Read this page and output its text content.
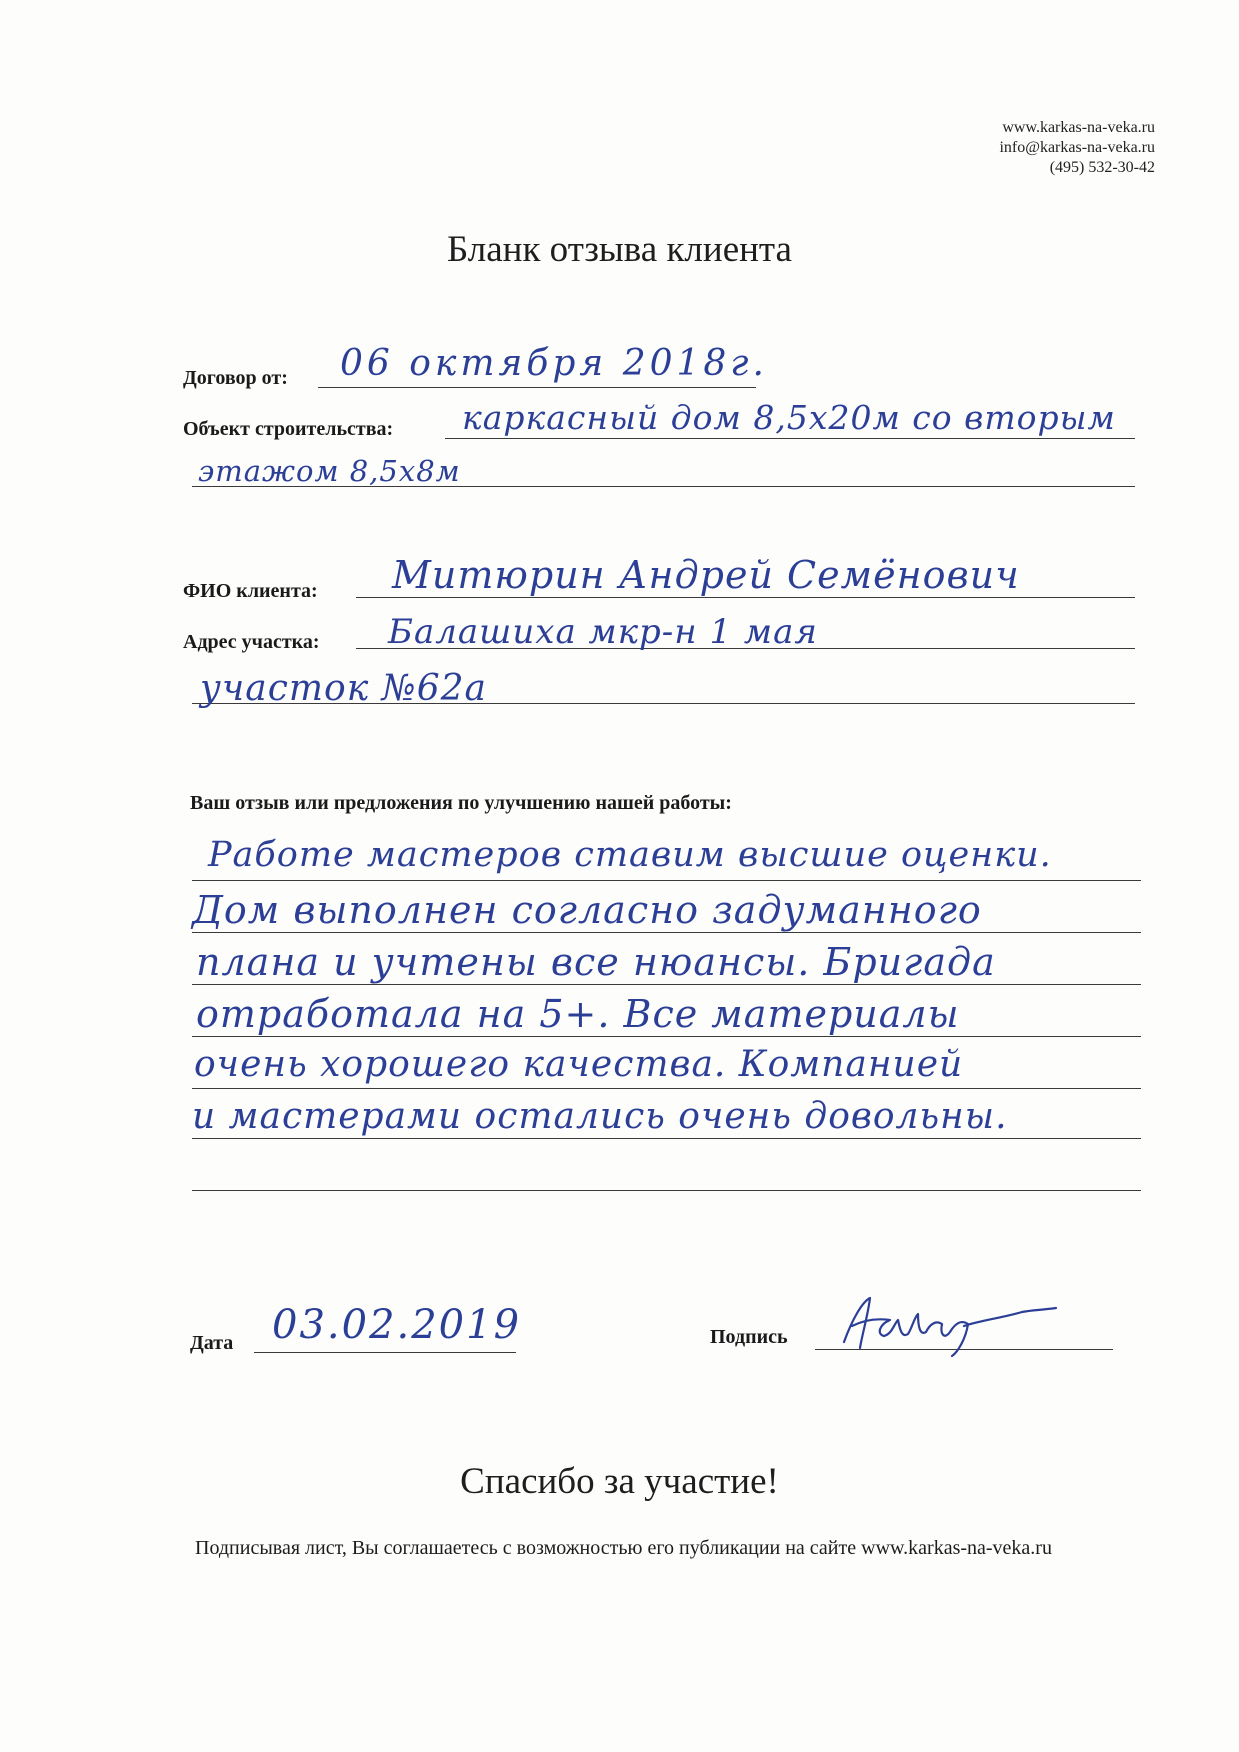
www.karkas-na-veka.ru
info@karkas-na-veka.ru
(495) 532-30-42
Бланк отзыва клиента
Договор от: 06 октября 2018г.
Объект строительства: каркасный дом 8,5х20м со вторым
этажом 8,5х8м
ФИО клиента: Митюрин Андрей Семёнович
Адрес участка: Балашиха мкр-н 1 мая
участок №62а
Ваш отзыв или предложения по улучшению нашей работы:
Работе мастеров ставим высшие оценки.
Дом выполнен согласно задуманного
плана и учтены все нюансы. Бригада
отработала на 5+. Все материалы
очень хорошего качества. Компанией
и мастерами остались очень довольны.
Дата 03.02.2019	Подпись
Спасибо за участие!
Подписывая лист, Вы соглашаетесь с возможностью его публикации на сайте www.karkas-na-veka.ru
